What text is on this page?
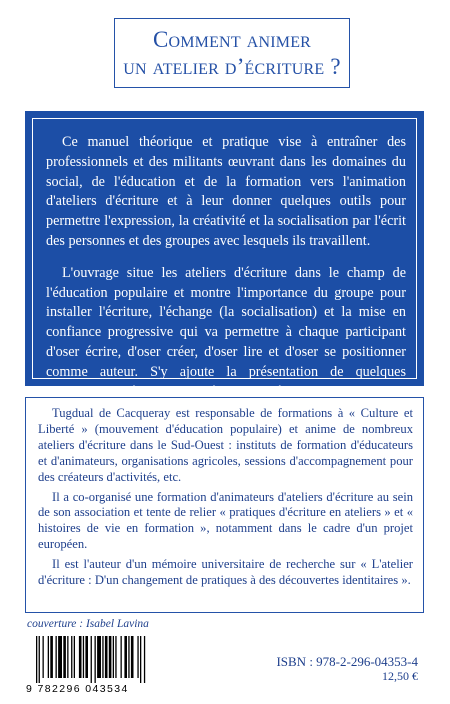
Comment animer
un atelier d’écriture ?

Ce manuel théorique et pratique vise à entraîner des professionnels et des militants œuvrant dans les domaines du social, de l'éducation et de la formation vers l'animation d'ateliers d'écriture et à leur donner quelques outils pour permettre l'expression, la créativité et la socialisation par l'écrit des personnes et des groupes avec lesquels ils travaillent.

L'ouvrage situe les ateliers d'écriture dans le champ de l'éducation populaire et montre l'importance du groupe pour installer l'écriture, l'échange (la socialisation) et la mise en confiance progressive qui va permettre à chaque participant d'oser écrire, d'oser créer, d'oser lire et d'oser se positionner comme auteur. S'y ajoute la présentation de quelques propositions d'écriture illustrées par des écrits de participants.

Tugdual de Cacqueray est responsable de formations à « Culture et Liberté » (mouvement d'éducation populaire) et anime de nombreux ateliers d'écriture dans le Sud-Ouest : instituts de formation d'éducateurs et d'animateurs, organisations agricoles, sessions d'accompagnement pour des créateurs d'activités, etc.

Il a co-organisé une formation d'animateurs d'ateliers d'écriture au sein de son association et tente de relier « pratiques d'écriture en ateliers » et « histoires de vie en formation », notamment dans le cadre d'un projet européen.

Il est l'auteur d'un mémoire universitaire de recherche sur « L'atelier d'écriture : D'un changement de pratiques à des découvertes identitaires ».

couverture : Isabel Lavina
9 782296 043534
ISBN : 978-2-296-04353-4
12,50 €
